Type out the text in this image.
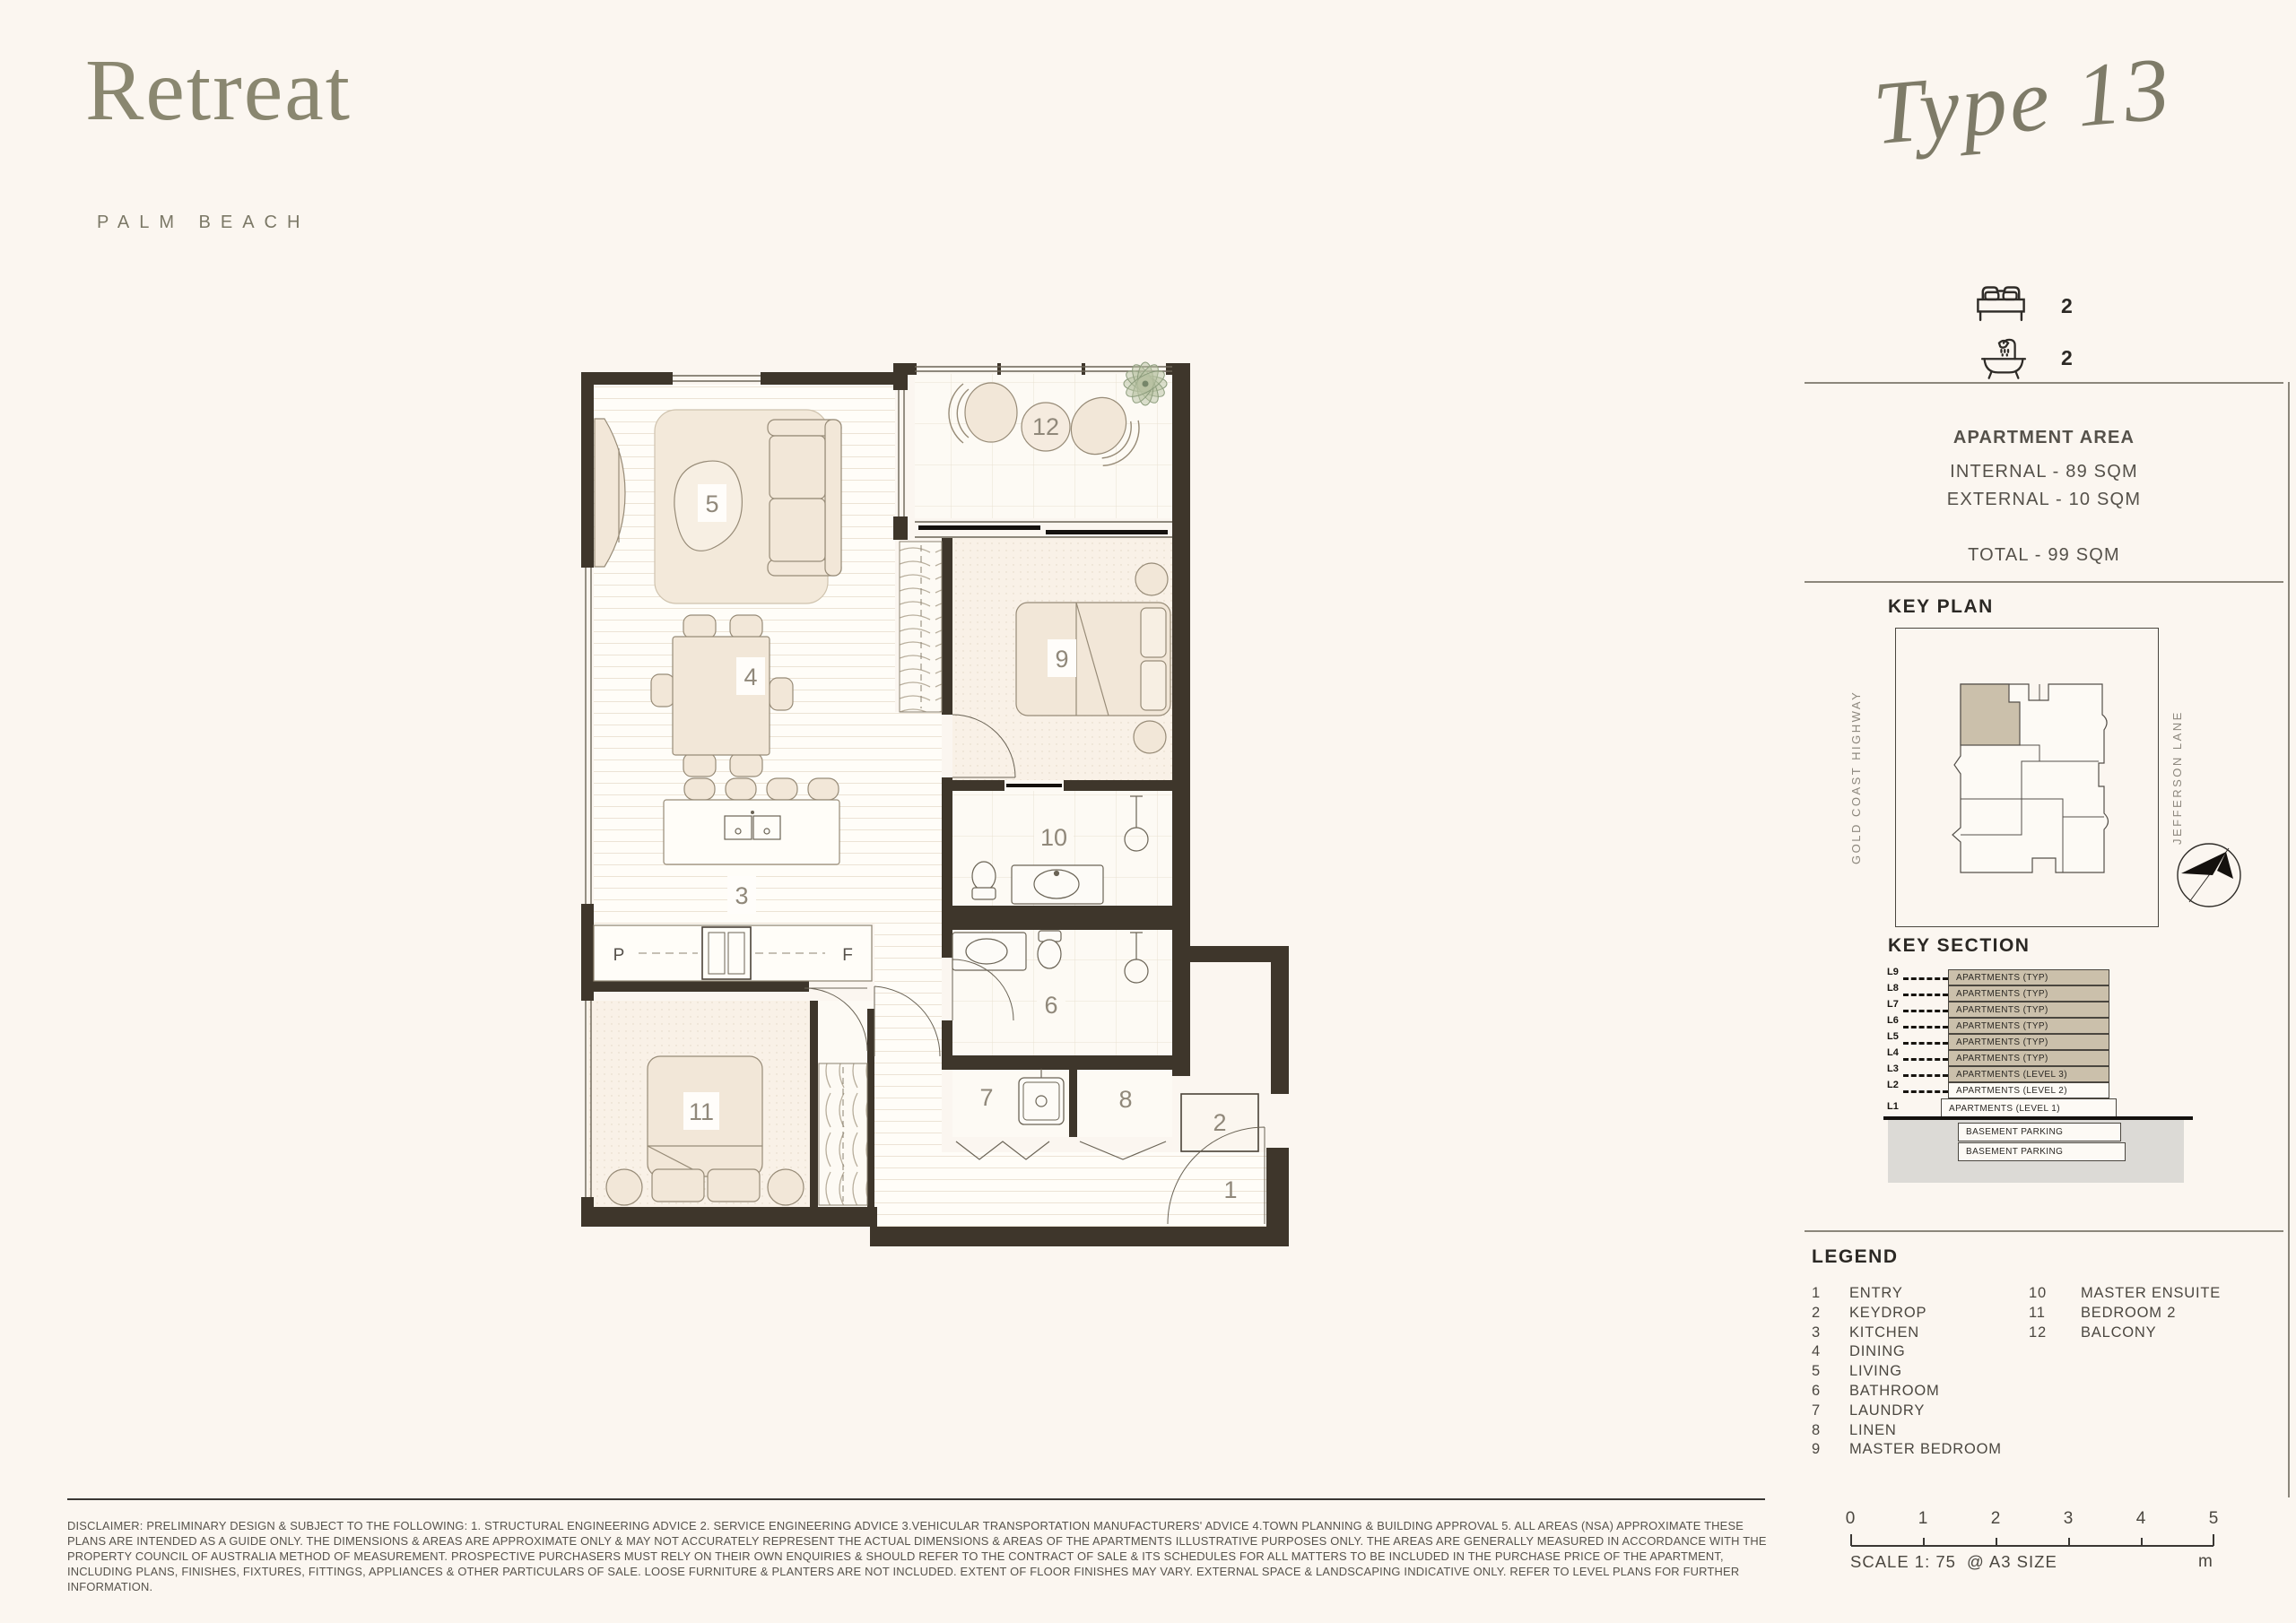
Retreat
PALM BEACH
Type 13
2
2
APARTMENT AREA
INTERNAL - 89 SQM
EXTERNAL - 10 SQM
TOTAL - 99 SQM
KEY PLAN
GOLD COAST HIGHWAY	JEFFERSON LANE
KEY SECTION
L9
L8
L7
L6
L5
L4
L3
L2
L1
APARTMENTS (TYP)
APARTMENTS (TYP)
APARTMENTS (TYP)
APARTMENTS (TYP)
APARTMENTS (TYP)
APARTMENTS (TYP)
APARTMENTS (LEVEL 3)
APARTMENTS (LEVEL 2)
APARTMENTS (LEVEL 1)
BASEMENT PARKING
BASEMENT PARKING
LEGEND
1	ENTRY
2	KEYDROP
3	KITCHEN
4	DINING
5	LIVING
6	BATHROOM
7	LAUNDRY
8	LINEN
9	MASTER BEDROOM
10	MASTER ENSUITE
11	BEDROOM 2
12	BALCONY
0	1	2	3	4	5
SCALE 1: 75 @ A3 SIZE	m
DISCLAIMER: PRELIMINARY DESIGN & SUBJECT TO THE FOLLOWING: 1. STRUCTURAL ENGINEERING ADVICE 2. SERVICE ENGINEERING ADVICE 3.VEHICULAR TRANSPORTATION MANUFACTURERS' ADVICE 4.TOWN PLANNING & BUILDING APPROVAL 5. ALL AREAS (NSA) APPROXIMATE THESE PLANS ARE INTENDED AS A GUIDE ONLY. THE DIMENSIONS & AREAS ARE APPROXIMATE ONLY & MAY NOT ACCURATELY REPRESENT THE ACTUAL DIMENSIONS & AREAS OF THE APARTMENTS ILLUSTRATIVE PURPOSES ONLY. THE AREAS ARE GENERALLY MEASURED IN ACCORDANCE WITH THE PROPERTY COUNCIL OF AUSTRALIA METHOD OF MEASUREMENT. PROSPECTIVE PURCHASERS MUST RELY ON THEIR OWN ENQUIRIES & SHOULD REFER TO THE CONTRACT OF SALE & ITS SCHEDULES FOR ALL MATTERS TO BE INCLUDED IN THE PURCHASE PRICE OF THE APARTMENT, INCLUDING PLANS, FINISHES, FIXTURES, FITTINGS, APPLIANCES & OTHER PARTICULARS OF SALE. LOOSE FURNITURE & PLANTERS ARE NOT INCLUDED. EXTENT OF FLOOR FINISHES MAY VARY. EXTERNAL SPACE & LANDSCAPING INDICATIVE ONLY. REFER TO LEVEL PLANS FOR FURTHER INFORMATION.
P	F
5
4
3
12
9
10
6
7	8
2
1
11
